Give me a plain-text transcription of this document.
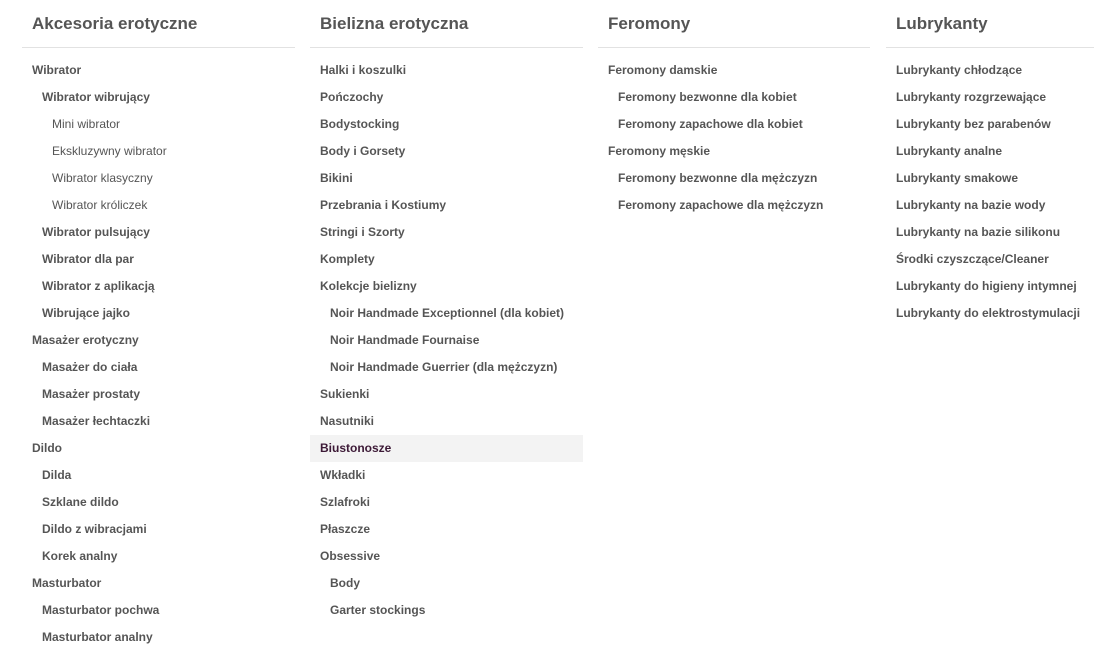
Akcesoria erotyczne
Wibrator
Wibrator wibrujący
Mini wibrator
Ekskluzywny wibrator
Wibrator klasyczny
Wibrator króliczek
Wibrator pulsujący
Wibrator dla par
Wibrator z aplikacją
Wibrujące jajko
Masażer erotyczny
Masażer do ciała
Masażer prostaty
Masażer łechtaczki
Dildo
Dilda
Szklane dildo
Dildo z wibracjami
Korek analny
Masturbator
Masturbator pochwa
Masturbator analny
Bielizna erotyczna
Halki i koszulki
Pończochy
Bodystocking
Body i Gorsety
Bikini
Przebrania i Kostiumy
Stringi i Szorty
Komplety
Kolekcje bielizny
Noir Handmade Exceptionnel (dla kobiet)
Noir Handmade Fournaise
Noir Handmade Guerrier (dla mężczyzn)
Sukienki
Nasutniki
Biustonosze
Wkładki
Szlafroki
Płaszcze
Obsessive
Body
Garter stockings
Feromony
Feromony damskie
Feromony bezwonne dla kobiet
Feromony zapachowe dla kobiet
Feromony męskie
Feromony bezwonne dla mężczyzn
Feromony zapachowe dla mężczyzn
Lubrykanty
Lubrykanty chłodzące
Lubrykanty rozgrzewające
Lubrykanty bez parabenów
Lubrykanty analne
Lubrykanty smakowe
Lubrykanty na bazie wody
Lubrykanty na bazie silikonu
Środki czyszczące/Cleaner
Lubrykanty do higieny intymnej
Lubrykanty do elektrostymulacji
